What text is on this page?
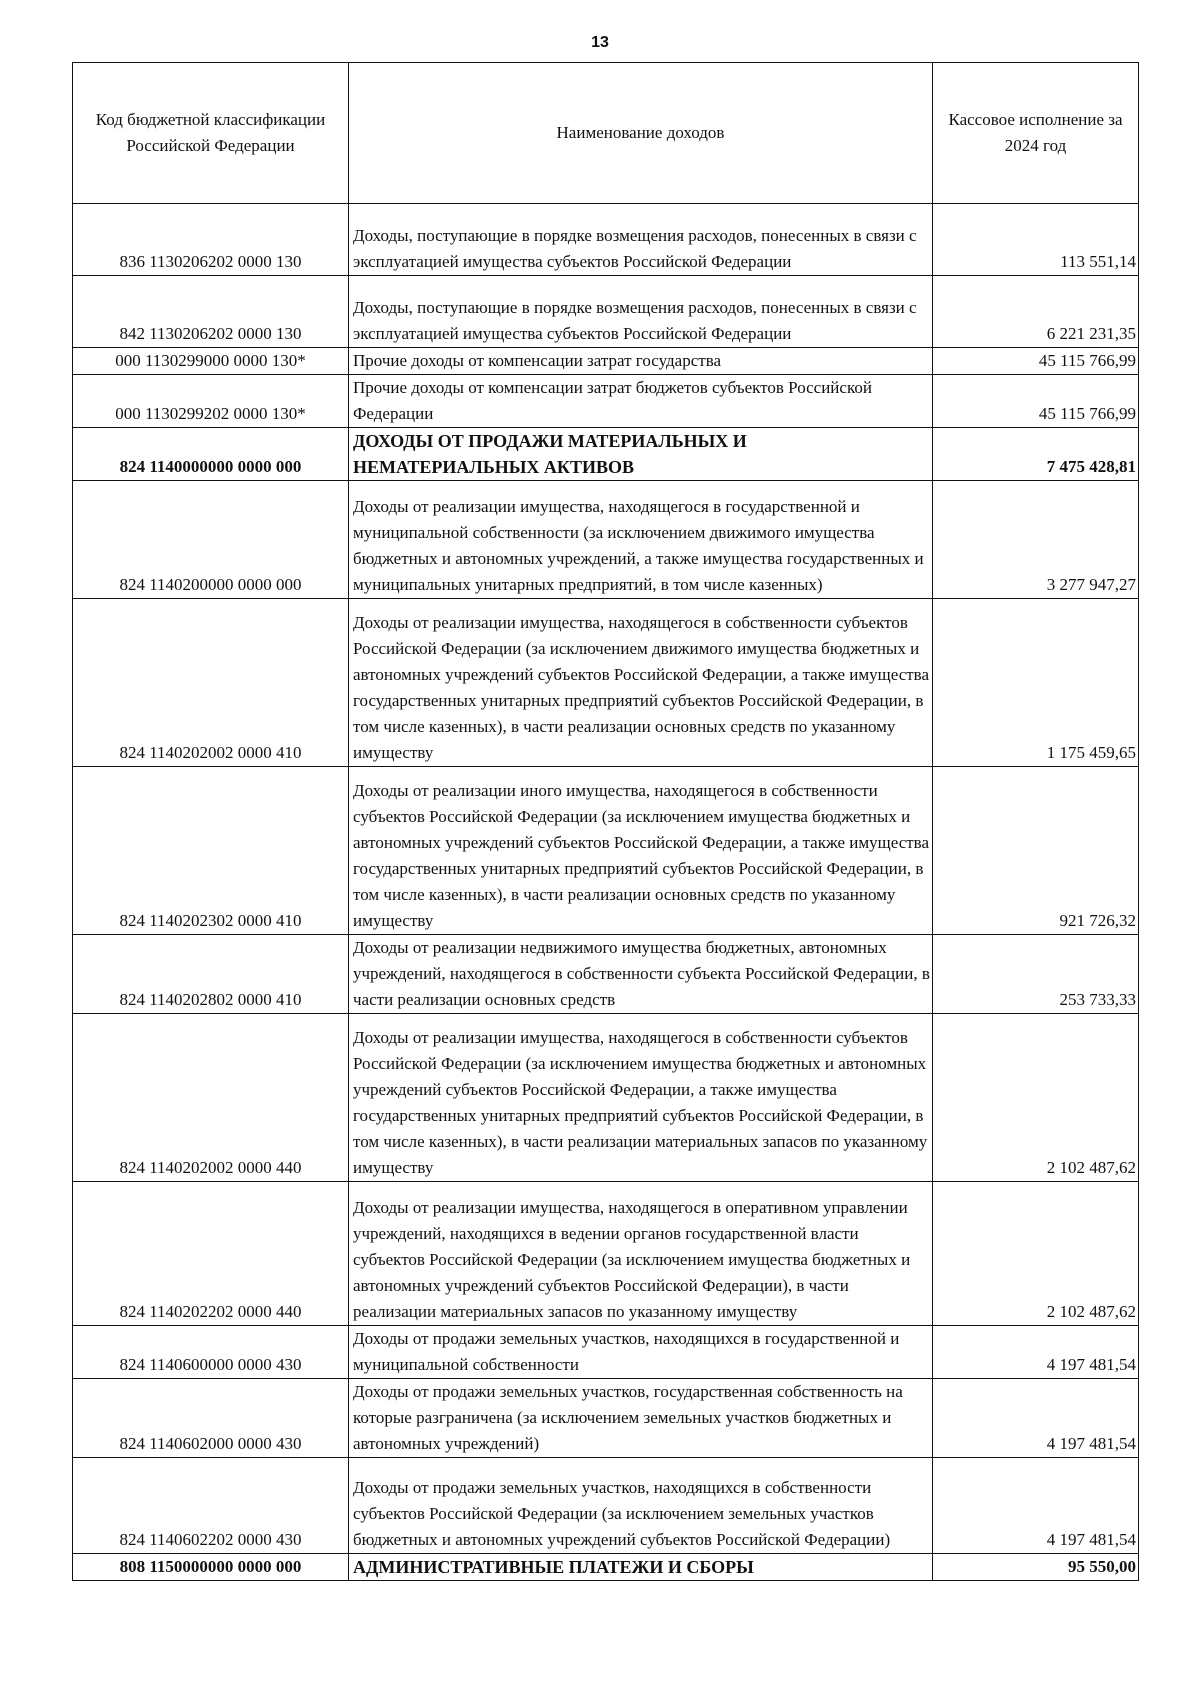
13
Код бюджетной классификации Российской Федерации	Наименование доходов	Кассовое исполнение за 2024 год
836 1130206202 0000 130	Доходы, поступающие в порядке возмещения расходов, понесенных в связи с эксплуатацией имущества субъектов Российской Федерации	113 551,14
842 1130206202 0000 130	Доходы, поступающие в порядке возмещения расходов, понесенных в связи с эксплуатацией имущества субъектов Российской Федерации	6 221 231,35
000 1130299000 0000 130*	Прочие доходы от компенсации затрат государства	45 115 766,99
000 1130299202 0000 130*	Прочие доходы от компенсации затрат бюджетов субъектов Российской Федерации	45 115 766,99
824 1140000000 0000 000	ДОХОДЫ ОТ ПРОДАЖИ МАТЕРИАЛЬНЫХ И НЕМАТЕРИАЛЬНЫХ АКТИВОВ	7 475 428,81
824 1140200000 0000 000	Доходы от реализации имущества, находящегося в государственной и муниципальной собственности (за исключением движимого имущества бюджетных и автономных учреждений, а также имущества государственных и муниципальных унитарных предприятий, в том числе казенных)	3 277 947,27
824 1140202002 0000 410	Доходы от реализации имущества, находящегося в собственности субъектов Российской Федерации (за исключением движимого имущества бюджетных и автономных учреждений субъектов Российской Федерации, а также имущества государственных унитарных предприятий субъектов Российской Федерации, в том числе казенных), в части реализации основных средств по указанному имуществу	1 175 459,65
824 1140202302 0000 410	Доходы от реализации иного имущества, находящегося в собственности субъектов Российской Федерации (за исключением имущества бюджетных и автономных учреждений субъектов Российской Федерации, а также имущества государственных унитарных предприятий субъектов Российской Федерации, в том числе казенных), в части реализации основных средств по указанному имуществу	921 726,32
824 1140202802 0000 410	Доходы от реализации недвижимого имущества бюджетных, автономных учреждений, находящегося в собственности субъекта Российской Федерации, в части реализации основных средств	253 733,33
824 1140202002 0000 440	Доходы от реализации имущества, находящегося в собственности субъектов Российской Федерации (за исключением имущества бюджетных и автономных учреждений субъектов Российской Федерации, а также имущества государственных унитарных предприятий субъектов Российской Федерации, в том числе казенных), в части реализации материальных запасов по указанному имуществу	2 102 487,62
824 1140202202 0000 440	Доходы от реализации имущества, находящегося в оперативном управлении учреждений, находящихся в ведении органов государственной власти субъектов Российской Федерации (за исключением имущества бюджетных и автономных учреждений субъектов Российской Федерации), в части реализации материальных запасов по указанному имуществу	2 102 487,62
824 1140600000 0000 430	Доходы от продажи земельных участков, находящихся в государственной и муниципальной собственности	4 197 481,54
824 1140602000 0000 430	Доходы от продажи земельных участков, государственная собственность на которые разграничена (за исключением земельных участков бюджетных и автономных учреждений)	4 197 481,54
824 1140602202 0000 430	Доходы от продажи земельных участков, находящихся в собственности субъектов Российской Федерации (за исключением земельных участков бюджетных и автономных учреждений субъектов Российской Федерации)	4 197 481,54
808 1150000000 0000 000	АДМИНИСТРАТИВНЫЕ ПЛАТЕЖИ И СБОРЫ	95 550,00
